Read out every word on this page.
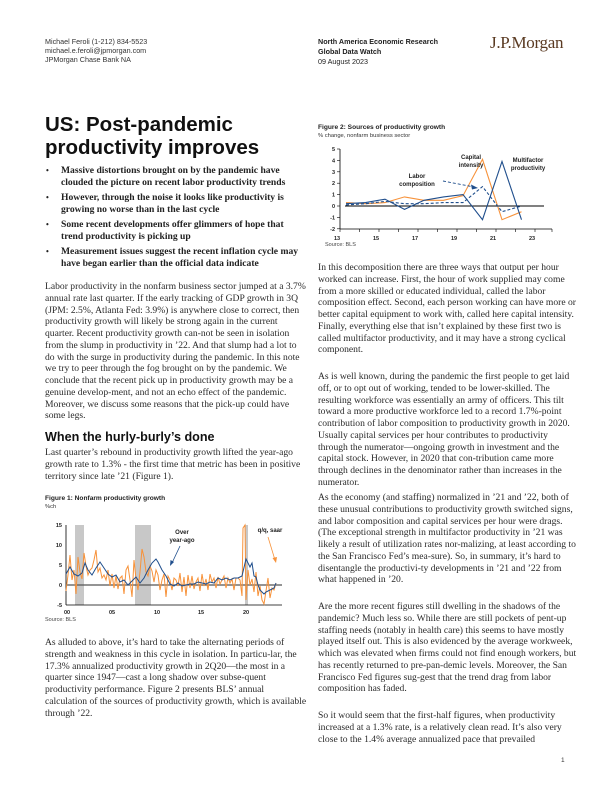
Michael Feroli (1-212) 834-5523
michael.e.feroli@jpmorgan.com
JPMorgan Chase Bank NA
North America Economic Research
Global Data Watch
09 August 2023
J.P.Morgan
US: Post-pandemic productivity improves
• Massive distortions brought on by the pandemic have clouded the picture on recent labor productivity trends
• However, through the noise it looks like productivity is growing no worse than in the last cycle
• Some recent developments offer glimmers of hope that trend productivity is picking up
• Measurement issues suggest the recent inflation cycle may have began earlier than the official data indicate
Labor productivity in the nonfarm business sector jumped at a 3.7% annual rate last quarter. If the early tracking of GDP growth in 3Q (JPM: 2.5%, Atlanta Fed: 3.9%) is anywhere close to correct, then productivity growth will likely be strong again in the current quarter. Recent productivity growth can-not be seen in isolation from the slump in productivity in ’22. And that slump had a lot to do with the surge in productivity during the pandemic. In this note we try to peer through the fog brought on by the pandemic. We conclude that the recent pick up in productivity growth may be a genuine develop-ment, and not an echo effect of the pandemic. Moreover, we discuss some reasons that the pick-up could have some legs.
When the hurly-burly’s done
Last quarter’s rebound in productivity growth lifted the year-ago growth rate to 1.3% - the first time that metric has been in positive territory since late ’21 (Figure 1).
Figure 1: Nonfarm productivity growth
%ch
15
10
5
0
-5
00	05	10	15	20
Over
year-ago
q/q, saar
5
4
3
2
1
0
-1
-2
13	15	17	19	21	23
Capital
intensity
Labor
composition
Multifactor
productivity
Source: BLS
As alluded to above, it’s hard to take the alternating periods of strength and weakness in this cycle in isolation. In particu-lar, the 17.3% annualized productivity growth in 2Q20—the most in a quarter since 1947—cast a long shadow over subse-quent productivity performance. Figure 2 presents BLS’ annual calculation of the sources of productivity growth, which is available through ’22.
Figure 2: Sources of productivity growth
% change, nonfarm business sector
Source: BLS
In this decomposition there are three ways that output per hour worked can increase. First, the hour of work supplied may come from a more skilled or educated individual, called the labor composition effect. Second, each person working can have more or better capital equipment to work with, called here capital intensity. Finally, everything else that isn’t explained by these first two is called multifactor productivity, and it may have a strong cyclical component.
As is well known, during the pandemic the first people to get laid off, or to opt out of working, tended to be lower-skilled. The resulting workforce was essentially an army of officers. This tilt toward a more productive workforce led to a record 1.7%-point contribution of labor composition to productivity growth in 2020. Usually capital services per hour contributes to productivity through the numerator—ongoing growth in investment and the capital stock. However, in 2020 that con-tribution came more through declines in the denominator rather than increases in the numerator.
As the economy (and staffing) normalized in ’21 and ’22, both of these unusual contributions to productivity growth switched signs, and labor composition and capital services per hour were drags. (The exceptional strength in multifactor productivity in ’21 was likely a result of utilization rates nor-malizing, at least according to the San Francisco Fed’s mea-sure). So, in summary, it’s hard to disentangle the productivi-ty developments in ’21 and ’22 from what happened in ’20.
Are the more recent figures still dwelling in the shadows of the pandemic? Much less so. While there are still pockets of pent-up staffing needs (notably in health care) this seems to have mostly played itself out. This is also evidenced by the average workweek, which was elevated when firms could not find enough workers, but has recently returned to pre-pan-demic levels. Moreover, the San Francisco Fed figures sug-gest that the trend drag from labor composition has faded.
So it would seem that the first-half figures, when productivity increased at a 1.3% rate, is a relatively clean read. It’s also very close to the 1.4% average annualized pace that prevailed
1
